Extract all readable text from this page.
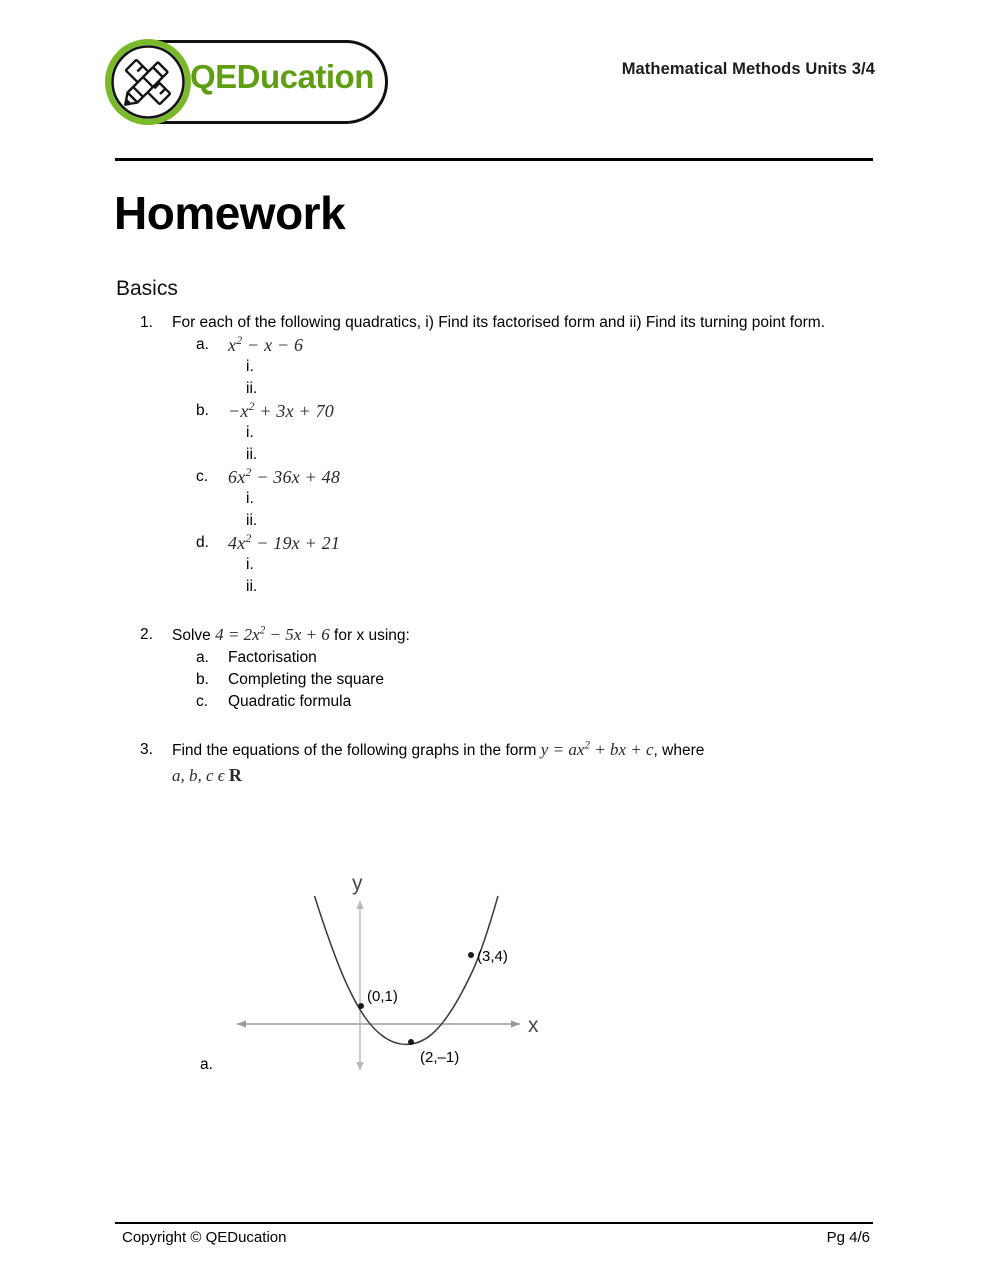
QEDucation	Mathematical Methods Units 3/4
Homework
Basics
1.	For each of the following quadratics, i) Find its factorised form and ii) Find its turning point form.
a.	$x^2 - x - 6$
i.
ii.
b.	$-x^2 + 3x + 70$
i.
ii.
c.	$6x^2 - 36x + 48$
i.
ii.
d.	$4x^2 - 19x + 21$
i.
ii.
2.	Solve $4 = 2x^2 - 5x + 6$ for x using:
a.	Factorisation
b.	Completing the square
c.	Quadratic formula
3.	Find the equations of the following graphs in the form $y = ax^2$ + bx + c, where
a, b, c ϵ R
(0,1)
(2,–1)
(3,4)
y
x
a.
Copyright © QEDucation	Pg 4/6
